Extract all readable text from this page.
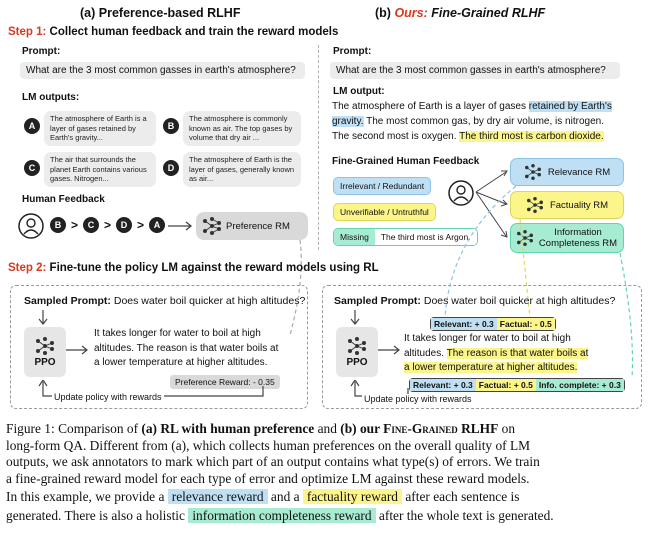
(a) Preference-based RLHF	(b) Ours: Fine-Grained RLHF
Step 1: Collect human feedback and train the reward models
Prompt:
What are the 3 most common gasses in earth's atmosphere?
LM outputs:
A
The atmosphere of Earth is a layer of gases retained by Earth's gravity...
B
The atmosphere is commonly known as air. The top gases by volume that dry air ...
C
The air that surrounds the planet Earth contains various gases. Nitrogen...
D
The atmosphere of Earth is the layer of gases, generally known as air...
Human Feedback
B >	C >	D >	A	Preference RM
Prompt:
What are the 3 most common gasses in earth's atmosphere?
LM output:
The atmosphere of Earth is a layer of gases retained by Earth's
gravity. The most common gas, by dry air volume, is nitrogen.
The second most is oxygen. The third most is carbon dioxide.
Fine-Grained Human Feedback
Irrelevant / Redundant
Unverifiable / Untruthful
Missing	The third most is Argon.
Relevance RM
Factuality RM
Information Completeness RM
Step 2: Fine-tune the policy LM against the reward models using RL
Sampled Prompt: Does water boil quicker at high altitudes?
PPO
It takes longer for water to boil at high
altitudes. The reason is that water boils at
a lower temperature at higher altitudes.
Preference Reward: - 0.35
Update policy with rewards
Sampled Prompt: Does water boil quicker at high altitudes?
Relevant: + 0.3 Factual: - 0.5
PPO
It takes longer for water to boil at high
altitudes. The reason is that water boils at
a lower temperature at higher altitudes.
Relevant: + 0.3 Factual: + 0.5 Info. complete: + 0.3
Update policy with rewards
Figure 1: Comparison of (a) RL with human preference and (b) our Fine-Grained RLHF on
long-form QA. Different from (a), which collects human preferences on the overall quality of LM
outputs, we ask annotators to mark which part of an output contains what type(s) of errors. We train
a fine-grained reward model for each type of error and optimize LM against these reward models.
In this example, we provide a relevance reward and a factuality reward after each sentence is
generated. There is also a holistic information completeness reward after the whole text is generated.
